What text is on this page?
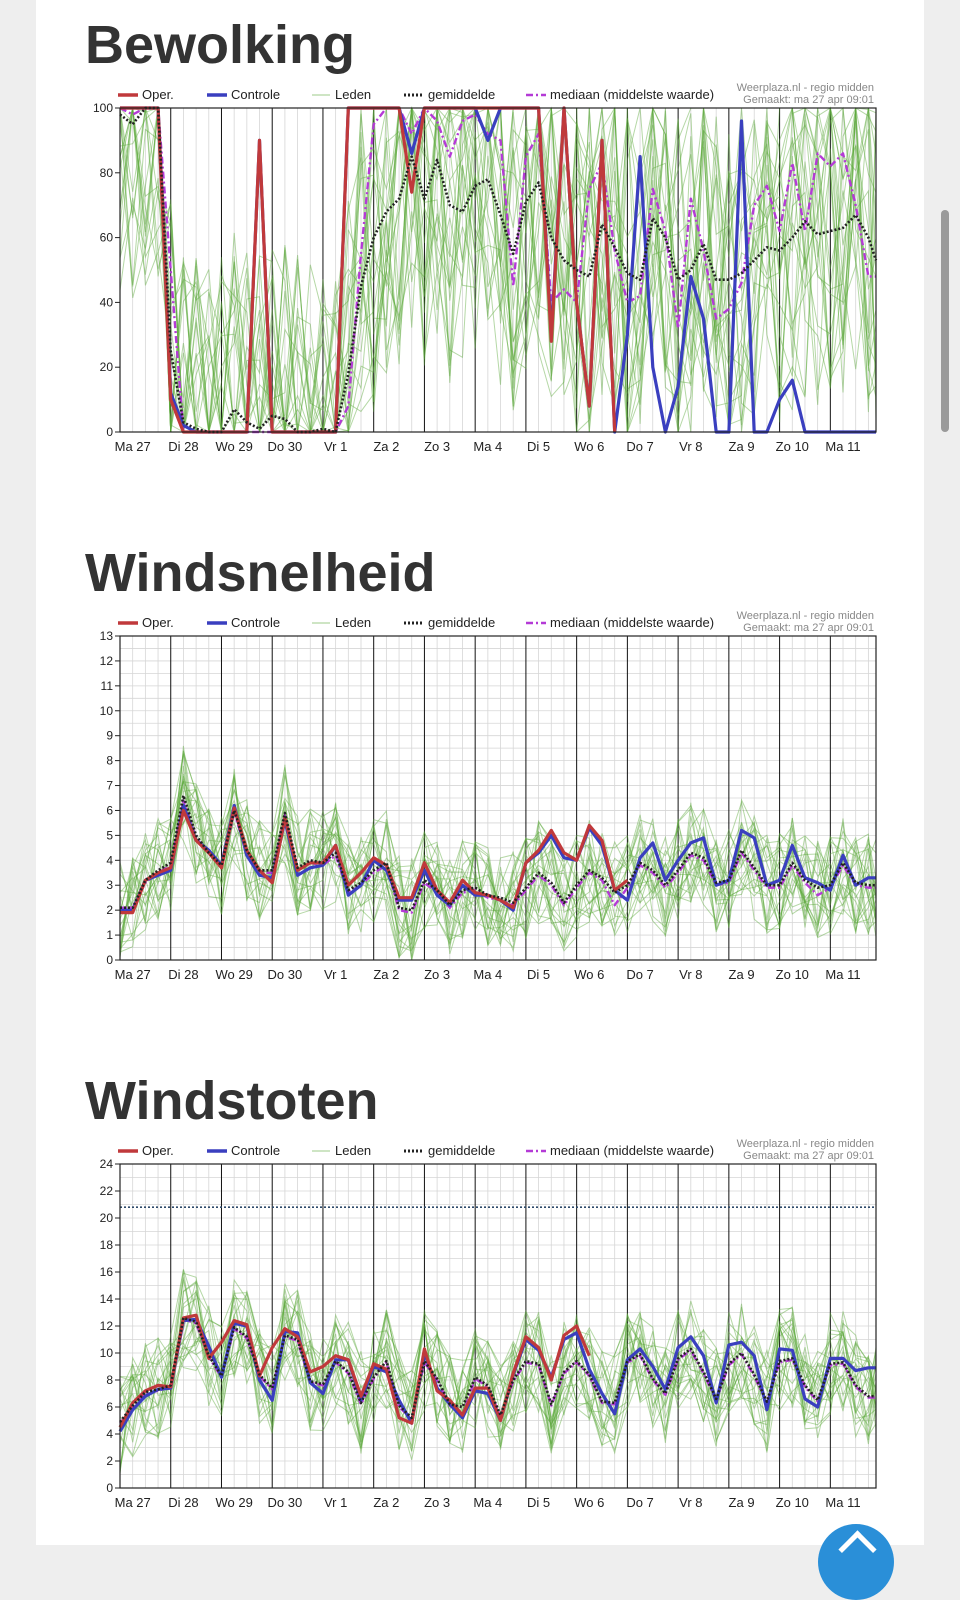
Bewolking
0
20
40
60
80
100
Ma 27 Di 28 Wo 29 Do 30 Vr 1 Za 2 Zo 3 Ma 4 Di 5 Wo 6 Do 7 Vr 8 Za 9 Zo 10 Ma 11
Oper.	Controle	Leden	gemiddelde	mediaan (middelste waarde) Weerplaza.nl - regio midden
Gemaakt: ma 27 apr 09:01
Windsnelheid
0
1
2
3
4
5
6
7
8
9
10
11
12
13
Ma 27 Di 28 Wo 29 Do 30 Vr 1 Za 2 Zo 3 Ma 4 Di 5 Wo 6 Do 7 Vr 8 Za 9 Zo 10 Ma 11
Oper.	Controle	Leden	gemiddelde	mediaan (middelste waarde) Weerplaza.nl - regio midden
Gemaakt: ma 27 apr 09:01
Windstoten
0
2
4
6
8
10
12
14
16
18
20
22
24
Ma 27 Di 28 Wo 29 Do 30 Vr 1 Za 2 Zo 3 Ma 4 Di 5 Wo 6 Do 7 Vr 8 Za 9 Zo 10 Ma 11
Oper.	Controle	Leden	gemiddelde	mediaan (middelste waarde) Weerplaza.nl - regio midden
Gemaakt: ma 27 apr 09:01
